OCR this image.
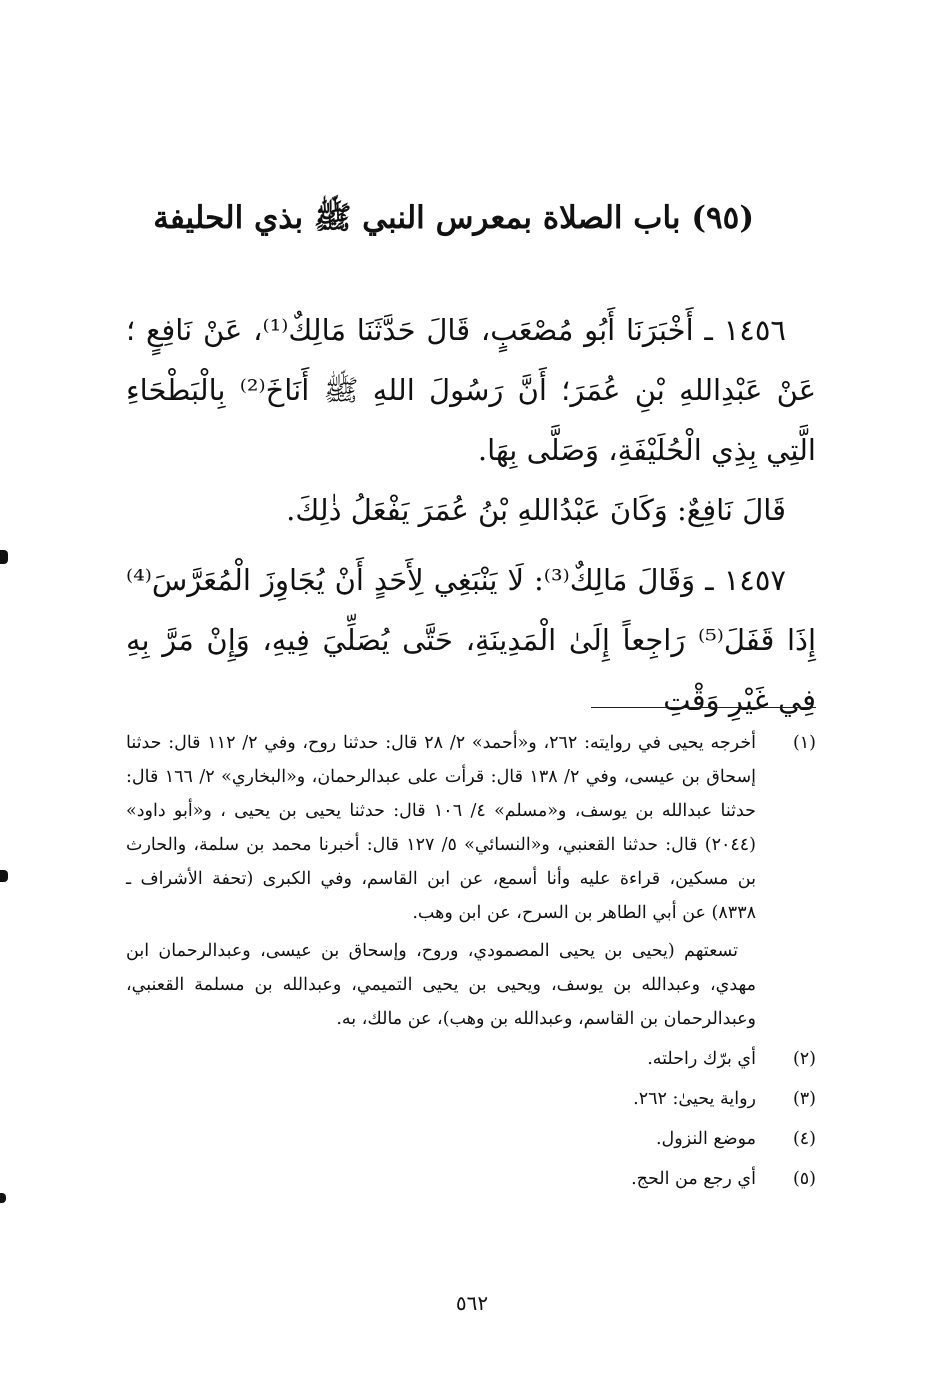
(٩٥) باب الصلاة بمعرس النبي ﷺ بذي الحليفة

١٤٥٦ ـ أَخْبَرَنَا أَبُو مُصْعَبٍ، قَالَ حَدَّثَنَا مَالِكٌ⁽¹⁾، عَنْ نَافِعٍ ؛ عَنْ عَبْدِاللهِ بْنِ عُمَرَ؛ أَنَّ رَسُولَ اللهِ ﷺ أَنَاخَ⁽²⁾ بِالْبَطْحَاءِ الَّتِي بِذِي الْحُلَيْفَةِ، وَصَلَّى بِهَا.

قَالَ نَافِعٌ: وَكَانَ عَبْدُاللهِ بْنُ عُمَرَ يَفْعَلُ ذٰلِكَ.

١٤٥٧ ـ وَقَالَ مَالِكٌ⁽³⁾: لَا يَنْبَغِي لِأَحَدٍ أَنْ يُجَاوِزَ الْمُعَرَّسَ⁽⁴⁾ إِذَا قَفَلَ⁽⁵⁾ رَاجِعاً إِلَىٰ الْمَدِينَةِ، حَتَّى يُصَلِّيَ فِيهِ، وَإِنْ مَرَّ بِهِ فِي غَيْرِ وَقْتِ

(١)

أخرجه يحيى في روايته: ٢٦٢، و«أحمد» ٢/ ٢٨ قال: حدثنا روح، وفي ٢/ ١١٢ قال: حدثنا إسحاق بن عيسى، وفي ٢/ ١٣٨ قال: قرأت على عبدالرحمان، و«البخاري» ٢/ ١٦٦ قال: حدثنا عبدالله بن يوسف، و«مسلم» ٤/ ١٠٦ قال: حدثنا يحيى بن يحيى ، و«أبو داود» (٢٠٤٤) قال: حدثنا القعنبي، و«النسائي» ٥/ ١٢٧ قال: أخبرنا محمد بن سلمة، والحارث بن مسكين، قراءة عليه وأنا أسمع، عن ابن القاسم، وفي الكبرى (تحفة الأشراف ـ ٨٣٣٨) عن أبي الطاهر بن السرح، عن ابن وهب.

تسعتهم (يحيى بن يحيى المصمودي، وروح، وإسحاق بن عيسى، وعبدالرحمان ابن مهدي، وعبدالله بن يوسف، ويحيى بن يحيى التميمي، وعبدالله بن مسلمة القعنبي، وعبدالرحمان بن القاسم، وعبدالله بن وهب)، عن مالك، به.

(٢)
أي برّك راحلته.
(٣)
رواية يحيىٰ: ٢٦٢.
(٤)
موضع النزول.
(٥)
أي رجع من الحج.
٥٦٢
